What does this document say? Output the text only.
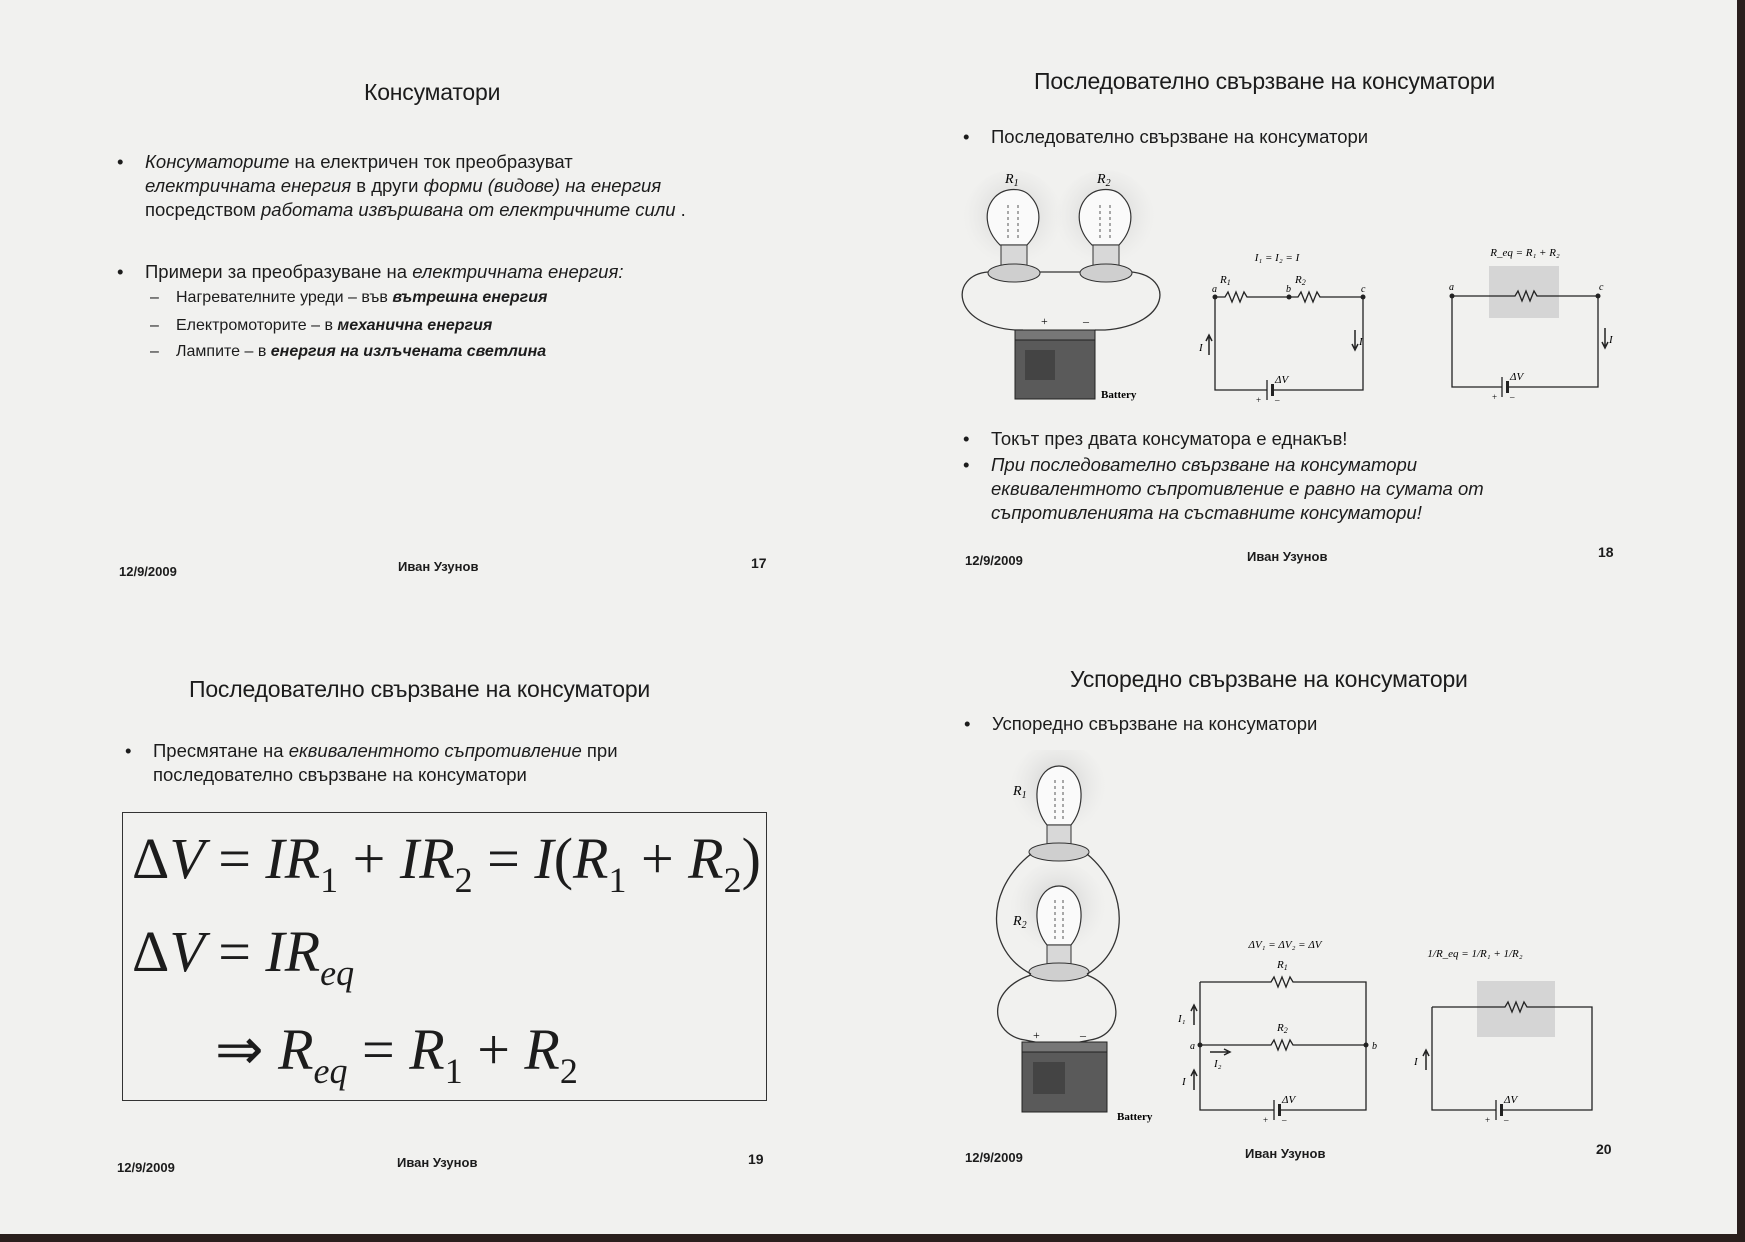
Консуматори
• Консуматорите на електричен ток преобразуват
електричната енергия в други форми (видове) на енергия
посредством работата извършвана от електричните сили .
• Примери за преобразуване на електричната енергия:
– Нагревателните уреди – във вътрешна енергия
– Електромоторите – в механична енергия
– Лампите – в енергия на излъчената светлина
12/9/2009	Иван Узунов	17
Последователно свързване на консуматори
• Последователно свързване на консуматори
$R_1$	$R_2$
+	–
Battery
I₁ = I₂ = I
R1	R2
a	b	c
ΔV
+ –
I	I
R_eq = R₁ + R₂
a	c
ΔV
+ –
I
• Токът през двата консуматора е еднакъв!
• При последователно свързване на консуматори
еквивалентното съпротивление е равно на сумата от
съпротивленията на съставните консуматори!
12/9/2009	Иван Узунов	18
Последователно свързване на консуматори
• Пресмятане на еквивалентното съпротивление при
последователно свързване на консуматори
$\Delta V = IR_1 + IR_2 = I(R_1 + R_2)$
$\Delta V = IR_{eq}$
⇒ $R_{eq} = R_1 + R_2$
12/9/2009	Иван Узунов	19
Успоредно свързване на консуматори
• Успоредно свързване на консуматори
$R_1$
$R_2$
+	–
Battery
ΔV₁ = ΔV₂ = ΔV
R1
R2
a	b
I₁
I₂
I
ΔV
+ –
1/R_eq = 1/R₁ + 1/R₂
I
ΔV
+ –
12/9/2009	Иван Узунов	20
